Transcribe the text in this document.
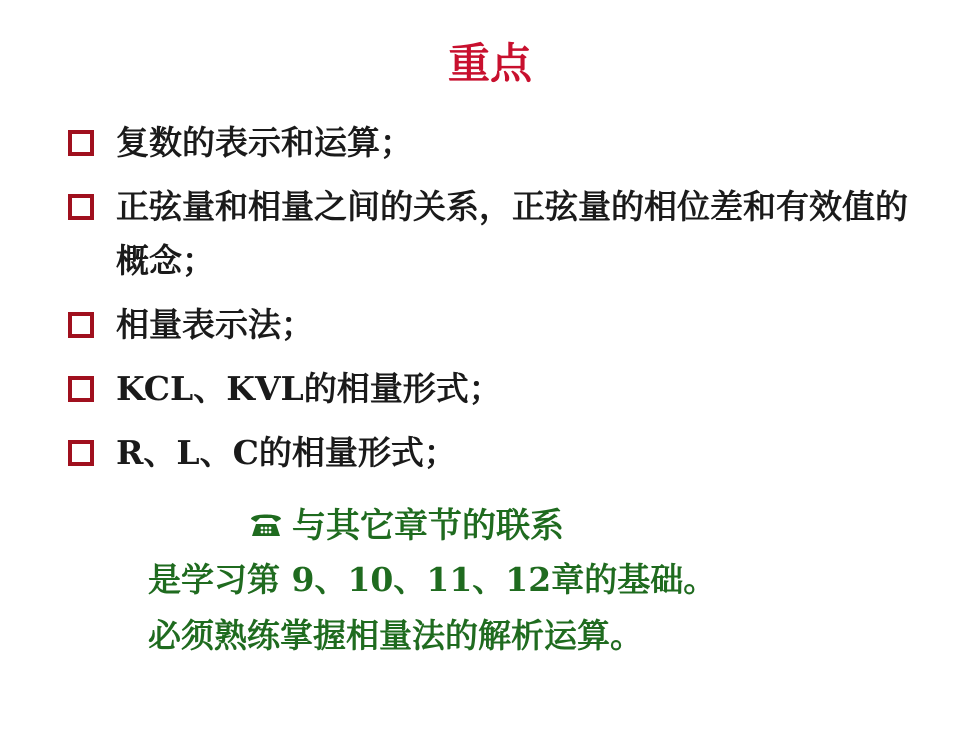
重点
复数的表示和运算；
正弦量和相量之间的关系，正弦量的相位差和有效值的概念；
相量表示法；
KCL、KVL的相量形式；
R、L、C的相量形式；
与其它章节的联系
是学习第 9、10、11、12章的基础。
必须熟练掌握相量法的解析运算。
